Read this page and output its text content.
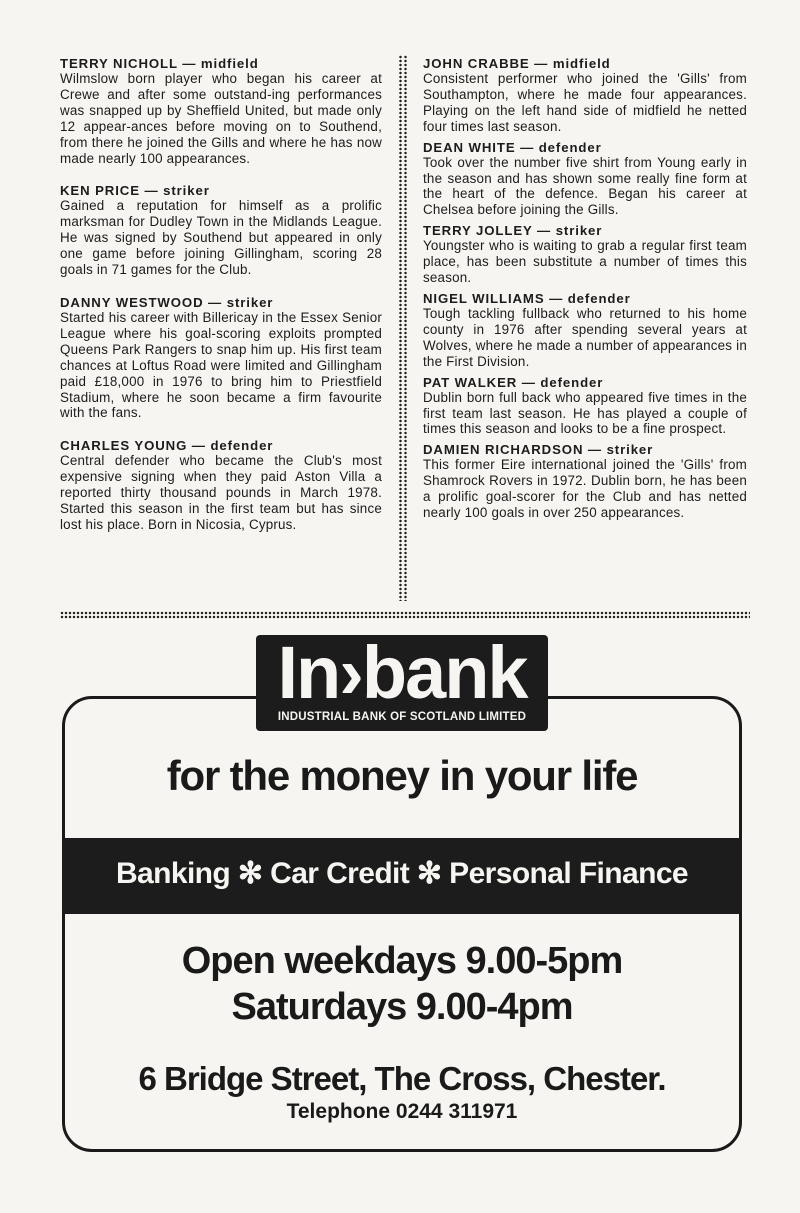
TERRY NICHOLL — midfield
Wilmslow born player who began his career at Crewe and after some outstand-ing performances was snapped up by Sheffield United, but made only 12 appear-ances before moving on to Southend, from there he joined the Gills and where he has now made nearly 100 appearances.
KEN PRICE — striker
Gained a reputation for himself as a prolific marksman for Dudley Town in the Midlands League. He was signed by Southend but appeared in only one game before joining Gillingham, scoring 28 goals in 71 games for the Club.
DANNY WESTWOOD — striker
Started his career with Billericay in the Essex Senior League where his goal-scoring exploits prompted Queens Park Rangers to snap him up. His first team chances at Loftus Road were limited and Gillingham paid £18,000 in 1976 to bring him to Priestfield Stadium, where he soon became a firm favourite with the fans.
CHARLES YOUNG — defender
Central defender who became the Club's most expensive signing when they paid Aston Villa a reported thirty thousand pounds in March 1978. Started this season in the first team but has since lost his place. Born in Nicosia, Cyprus.
JOHN CRABBE — midfield
Consistent performer who joined the 'Gills' from Southampton, where he made four appearances. Playing on the left hand side of midfield he netted four times last season.
DEAN WHITE — defender
Took over the number five shirt from Young early in the season and has shown some really fine form at the heart of the defence. Began his career at Chelsea before joining the Gills.
TERRY JOLLEY — striker
Youngster who is waiting to grab a regular first team place, has been substitute a number of times this season.
NIGEL WILLIAMS — defender
Tough tackling fullback who returned to his home county in 1976 after spending several years at Wolves, where he made a number of appearances in the First Division.
PAT WALKER — defender
Dublin born full back who appeared five times in the first team last season. He has played a couple of times this season and looks to be a fine prospect.
DAMIEN RICHARDSON — striker
This former Eire international joined the 'Gills' from Shamrock Rovers in 1972. Dublin born, he has been a prolific goal-scorer for the Club and has netted nearly 100 goals in over 250 appearances.
In›bank
INDUSTRIAL BANK OF SCOTLAND LIMITED
for the money in your life
Banking ✻ Car Credit ✻ Personal Finance
Open weekdays 9.00-5pm
Saturdays 9.00-4pm
6 Bridge Street, The Cross, Chester.
Telephone 0244 311971
